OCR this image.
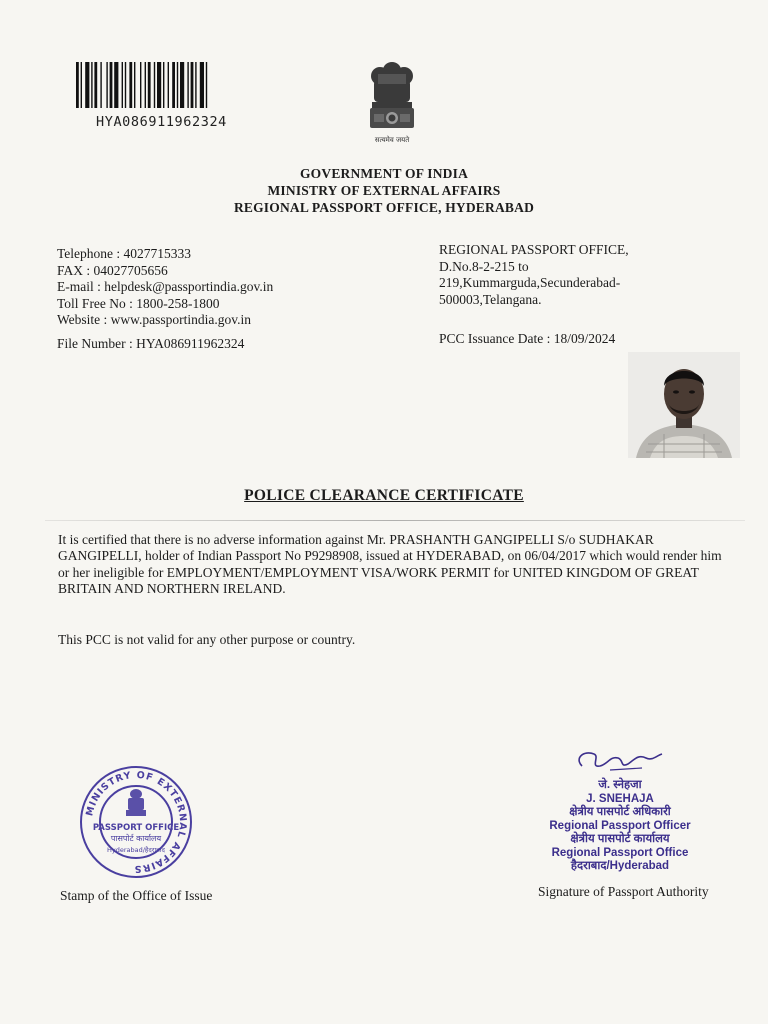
HYA086911962324
सत्यमेव जयते
GOVERNMENT OF INDIA
MINISTRY OF EXTERNAL AFFAIRS
REGIONAL PASSPORT OFFICE, HYDERABAD
Telephone : 4027715333
FAX : 04027705656
E-mail : helpdesk@passportindia.gov.in
Toll Free No : 1800-258-1800
Website : www.passportindia.gov.in
File Number : HYA086911962324
REGIONAL PASSPORT OFFICE,
D.No.8-2-215 to
219,Kummarguda,Secunderabad-
500003,Telangana.
PCC Issuance Date : 18/09/2024
POLICE CLEARANCE CERTIFICATE
It is certified that there is no adverse information against Mr. PRASHANTH GANGIPELLI S/o SUDHAKAR GANGIPELLI, holder of Indian Passport No P9298908, issued at HYDERABAD, on 06/04/2017 which would render him or her ineligible for EMPLOYMENT/EMPLOYMENT VISA/WORK PERMIT for UNITED KINGDOM OF GREAT BRITAIN AND NORTHERN IRELAND.
This PCC is not valid for any other purpose or country.
MINISTRY OF EXTERNAL AFFAIRS
PASSPORT OFFICE
पासपोर्ट कार्यालय
Hyderabad/हैदराबाद
Stamp of the Office of Issue
जे. स्नेहजा
J. SNEHAJA
क्षेत्रीय पासपोर्ट अधिकारी
Regional Passport Officer
क्षेत्रीय पासपोर्ट कार्यालय
Regional Passport Office
हैदराबाद/Hyderabad
Signature of Passport Authority
